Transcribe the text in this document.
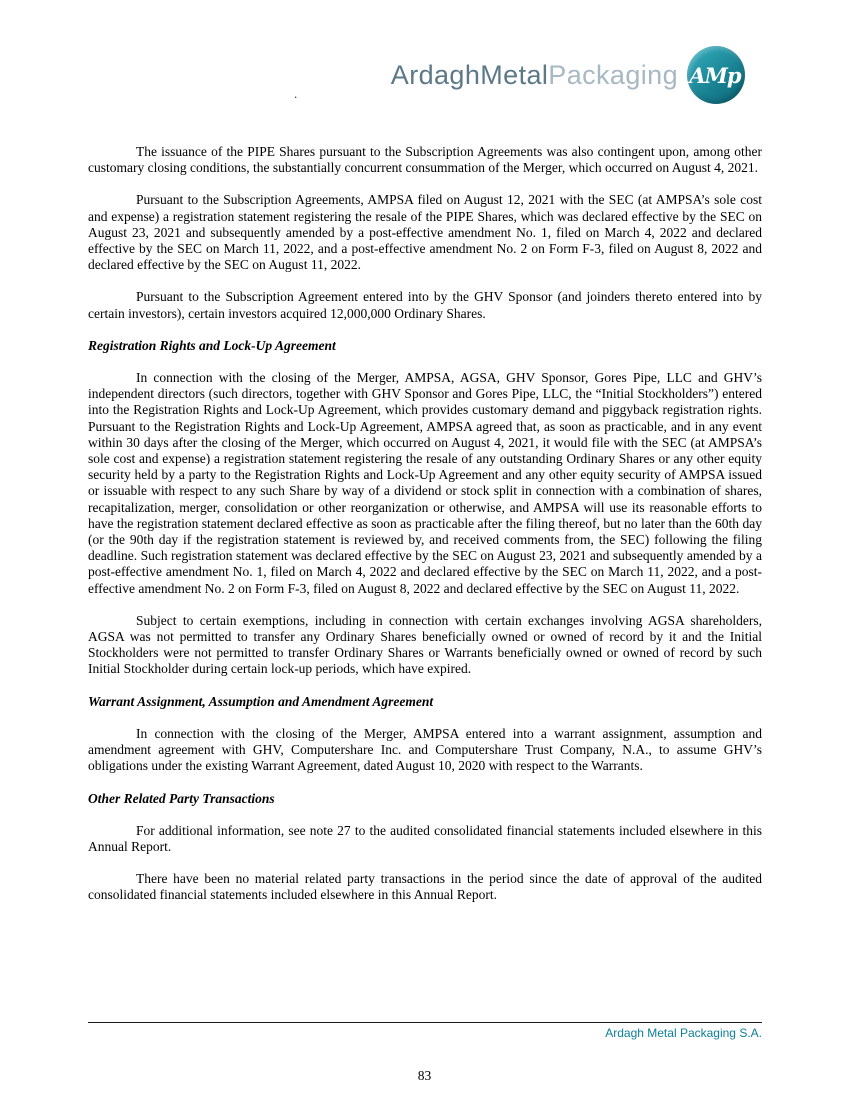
ArdaghMetalPackaging AMp
.

The issuance of the PIPE Shares pursuant to the Subscription Agreements was also contingent upon, among other customary closing conditions, the substantially concurrent consummation of the Merger, which occurred on August 4, 2021.

Pursuant to the Subscription Agreements, AMPSA filed on August 12, 2021 with the SEC (at AMPSA’s sole cost and expense) a registration statement registering the resale of the PIPE Shares, which was declared effective by the SEC on August 23, 2021 and subsequently amended by a post-effective amendment No. 1, filed on March 4, 2022 and declared effective by the SEC on March 11, 2022, and a post-effective amendment No. 2 on Form F-3, filed on August 8, 2022 and declared effective by the SEC on August 11, 2022.

Pursuant to the Subscription Agreement entered into by the GHV Sponsor (and joinders thereto entered into by certain investors), certain investors acquired 12,000,000 Ordinary Shares.

Registration Rights and Lock-Up Agreement

In connection with the closing of the Merger, AMPSA, AGSA, GHV Sponsor, Gores Pipe, LLC and GHV’s independent directors (such directors, together with GHV Sponsor and Gores Pipe, LLC, the “Initial Stockholders”) entered into the Registration Rights and Lock-Up Agreement, which provides customary demand and piggyback registration rights. Pursuant to the Registration Rights and Lock-Up Agreement, AMPSA agreed that, as soon as practicable, and in any event within 30 days after the closing of the Merger, which occurred on August 4, 2021, it would file with the SEC (at AMPSA’s sole cost and expense) a registration statement registering the resale of any outstanding Ordinary Shares or any other equity security held by a party to the Registration Rights and Lock-Up Agreement and any other equity security of AMPSA issued or issuable with respect to any such Share by way of a dividend or stock split in connection with a combination of shares, recapitalization, merger, consolidation or other reorganization or otherwise, and AMPSA will use its reasonable efforts to have the registration statement declared effective as soon as practicable after the filing thereof, but no later than the 60th day (or the 90th day if the registration statement is reviewed by, and received comments from, the SEC) following the filing deadline. Such registration statement was declared effective by the SEC on August 23, 2021 and subsequently amended by a post-effective amendment No. 1, filed on March 4, 2022 and declared effective by the SEC on March 11, 2022, and a post-effective amendment No. 2 on Form F-3, filed on August 8, 2022 and declared effective by the SEC on August 11, 2022.

Subject to certain exemptions, including in connection with certain exchanges involving AGSA shareholders, AGSA was not permitted to transfer any Ordinary Shares beneficially owned or owned of record by it and the Initial Stockholders were not permitted to transfer Ordinary Shares or Warrants beneficially owned or owned of record by such Initial Stockholder during certain lock-up periods, which have expired.

Warrant Assignment, Assumption and Amendment Agreement

In connection with the closing of the Merger, AMPSA entered into a warrant assignment, assumption and amendment agreement with GHV, Computershare Inc. and Computershare Trust Company, N.A., to assume GHV’s obligations under the existing Warrant Agreement, dated August 10, 2020 with respect to the Warrants.

Other Related Party Transactions

For additional information, see note 27 to the audited consolidated financial statements included elsewhere in this Annual Report.

There have been no material related party transactions in the period since the date of approval of the audited consolidated financial statements included elsewhere in this Annual Report.

Ardagh Metal Packaging S.A.
83
